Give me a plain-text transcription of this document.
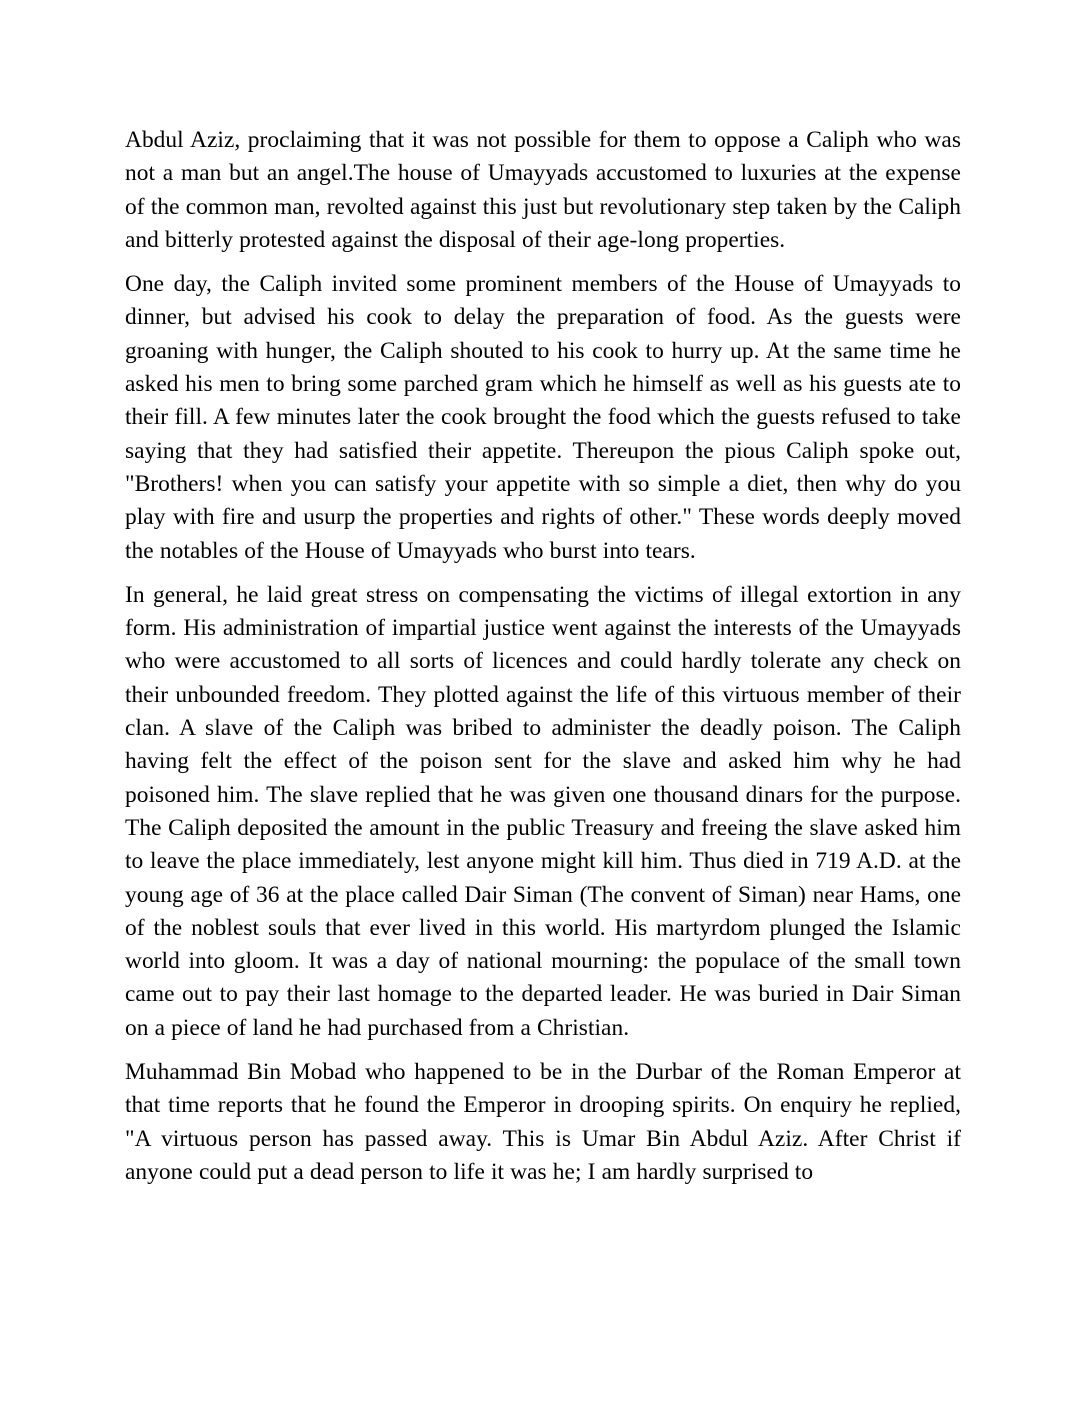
Abdul Aziz, proclaiming that it was not possible for them to oppose a Caliph who was not a man but an angel.The house of Umayyads accustomed to luxuries at the expense of the common man, revolted against this just but revolutionary step taken by the Caliph and bitterly protested against the disposal of their age-long properties.

One day, the Caliph invited some prominent members of the House of Umayyads to dinner, but advised his cook to delay the preparation of food. As the guests were groaning with hunger, the Caliph shouted to his cook to hurry up. At the same time he asked his men to bring some parched gram which he himself as well as his guests ate to their fill. A few minutes later the cook brought the food which the guests refused to take saying that they had satisfied their appetite. Thereupon the pious Caliph spoke out, "Brothers! when you can satisfy your appetite with so simple a diet, then why do you play with fire and usurp the properties and rights of other." These words deeply moved the notables of the House of Umayyads who burst into tears.

In general, he laid great stress on compensating the victims of illegal extortion in any form. His administration of impartial justice went against the interests of the Umayyads who were accustomed to all sorts of licences and could hardly tolerate any check on their unbounded freedom. They plotted against the life of this virtuous member of their clan. A slave of the Caliph was bribed to administer the deadly poison. The Caliph having felt the effect of the poison sent for the slave and asked him why he had poisoned him. The slave replied that he was given one thousand dinars for the purpose. The Caliph deposited the amount in the public Treasury and freeing the slave asked him to leave the place immediately, lest anyone might kill him. Thus died in 719 A.D. at the young age of 36 at the place called Dair Siman (The convent of Siman) near Hams, one of the noblest souls that ever lived in this world. His martyrdom plunged the Islamic world into gloom. It was a day of national mourning: the populace of the small town came out to pay their last homage to the departed leader. He was buried in Dair Siman on a piece of land he had purchased from a Christian.

Muhammad Bin Mobad who happened to be in the Durbar of the Roman Emperor at that time reports that he found the Emperor in drooping spirits. On enquiry he replied, "A virtuous person has passed away. This is Umar Bin Abdul Aziz. After Christ if anyone could put a dead person to life it was he; I am hardly surprised to
